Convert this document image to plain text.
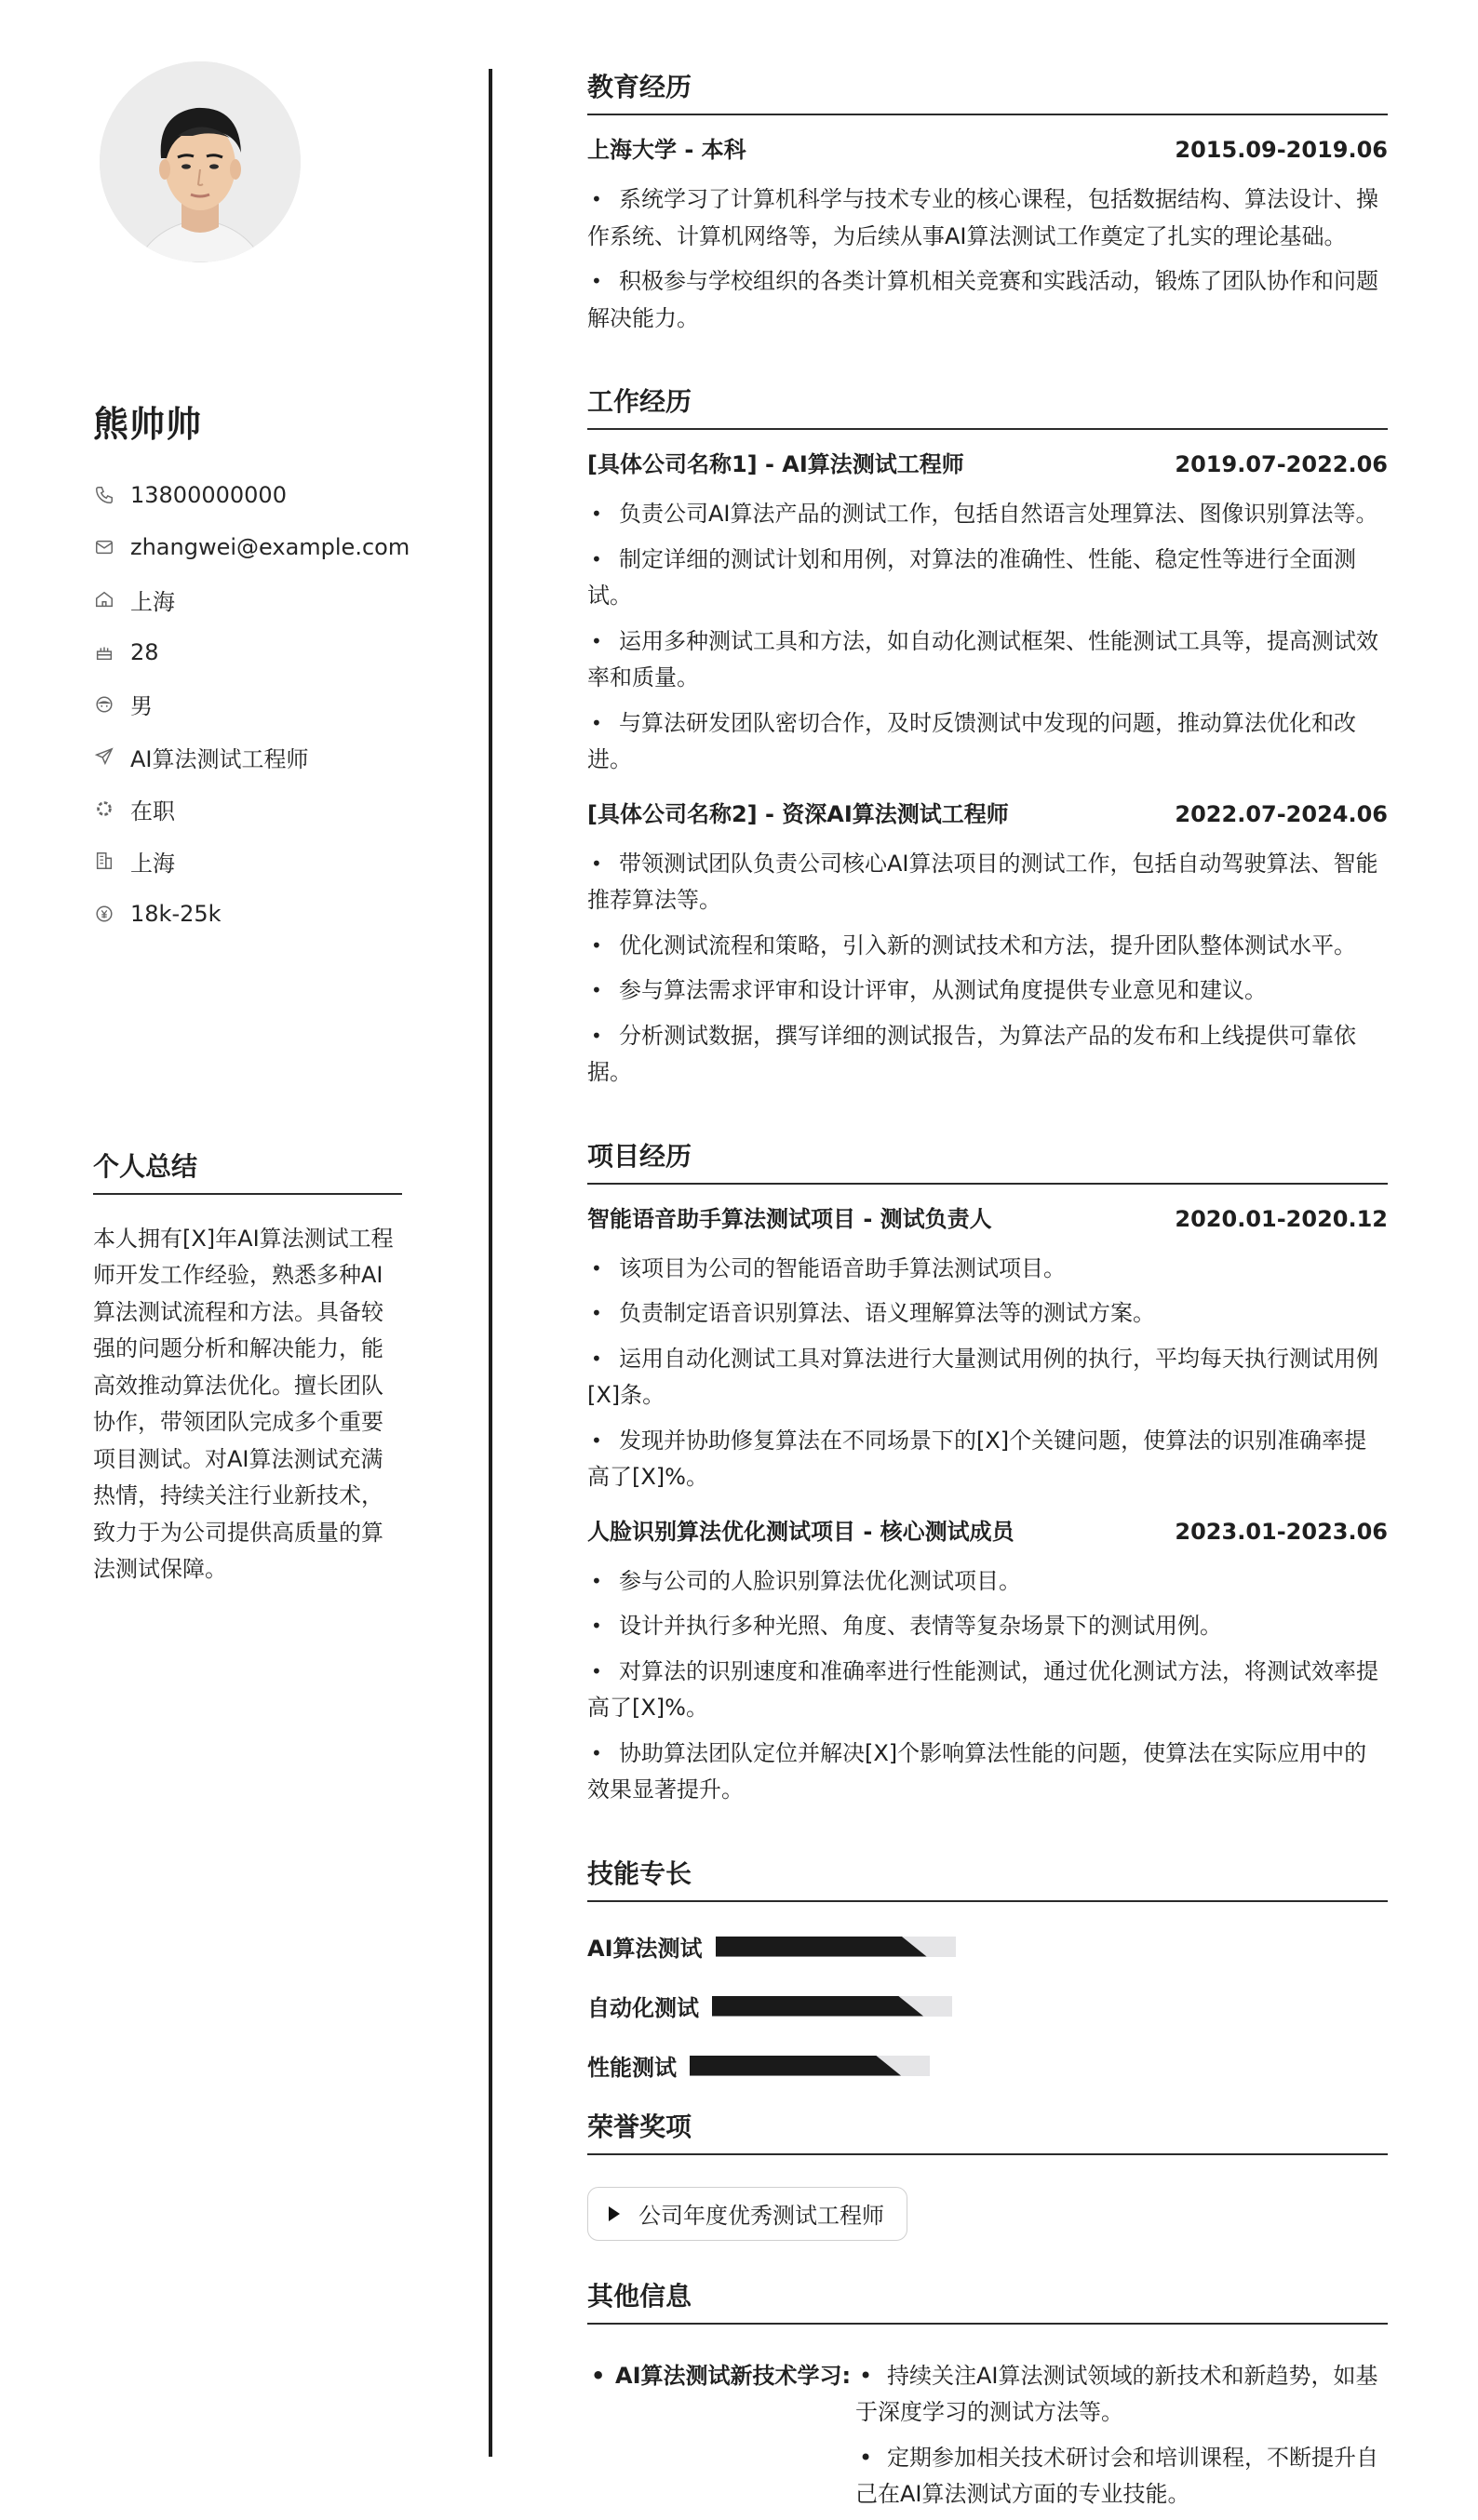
熊帅帅
13800000000
zhangwei@example.com
上海
28
男
AI算法测试工程师
在职
上海
18k-25k
个人总结
本人拥有[X]年AI算法测试工程师开发工作经验，熟悉多种AI算法测试流程和方法。具备较强的问题分析和解决能力，能高效推动算法优化。擅长团队协作，带领团队完成多个重要项目测试。对AI算法测试充满热情，持续关注行业新技术，致力于为公司提供高质量的算法测试保障。
教育经历
上海大学 - 本科	2015.09-2019.06
• 系统学习了计算机科学与技术专业的核心课程，包括数据结构、算法设计、操作系统、计算机网络等，为后续从事AI算法测试工作奠定了扎实的理论基础。
• 积极参与学校组织的各类计算机相关竞赛和实践活动，锻炼了团队协作和问题解决能力。
工作经历
[具体公司名称1] - AI算法测试工程师	2019.07-2022.06
• 负责公司AI算法产品的测试工作，包括自然语言处理算法、图像识别算法等。
• 制定详细的测试计划和用例，对算法的准确性、性能、稳定性等进行全面测试。
• 运用多种测试工具和方法，如自动化测试框架、性能测试工具等，提高测试效率和质量。
• 与算法研发团队密切合作，及时反馈测试中发现的问题，推动算法优化和改进。
[具体公司名称2] - 资深AI算法测试工程师	2022.07-2024.06
• 带领测试团队负责公司核心AI算法项目的测试工作，包括自动驾驶算法、智能推荐算法等。
• 优化测试流程和策略，引入新的测试技术和方法，提升团队整体测试水平。
• 参与算法需求评审和设计评审，从测试角度提供专业意见和建议。
• 分析测试数据，撰写详细的测试报告，为算法产品的发布和上线提供可靠依据。
项目经历
智能语音助手算法测试项目 - 测试负责人	2020.01-2020.12
• 该项目为公司的智能语音助手算法测试项目。
• 负责制定语音识别算法、语义理解算法等的测试方案。
• 运用自动化测试工具对算法进行大量测试用例的执行，平均每天执行测试用例[X]条。
• 发现并协助修复算法在不同场景下的[X]个关键问题，使算法的识别准确率提高了[X]%。
人脸识别算法优化测试项目 - 核心测试成员	2023.01-2023.06
• 参与公司的人脸识别算法优化测试项目。
• 设计并执行多种光照、角度、表情等复杂场景下的测试用例。
• 对算法的识别速度和准确率进行性能测试，通过优化测试方法，将测试效率提高了[X]%。
• 协助算法团队定位并解决[X]个影响算法性能的问题，使算法在实际应用中的效果显著提升。
技能专长
AI算法测试
自动化测试
性能测试
荣誉奖项
公司年度优秀测试工程师
其他信息
• AI算法测试新技术学习: • 持续关注AI算法测试领域的新技术和新趋势，如基于深度学习的测试方法等。
• 定期参加相关技术研讨会和培训课程，不断提升自己在AI算法测试方面的专业技能。
